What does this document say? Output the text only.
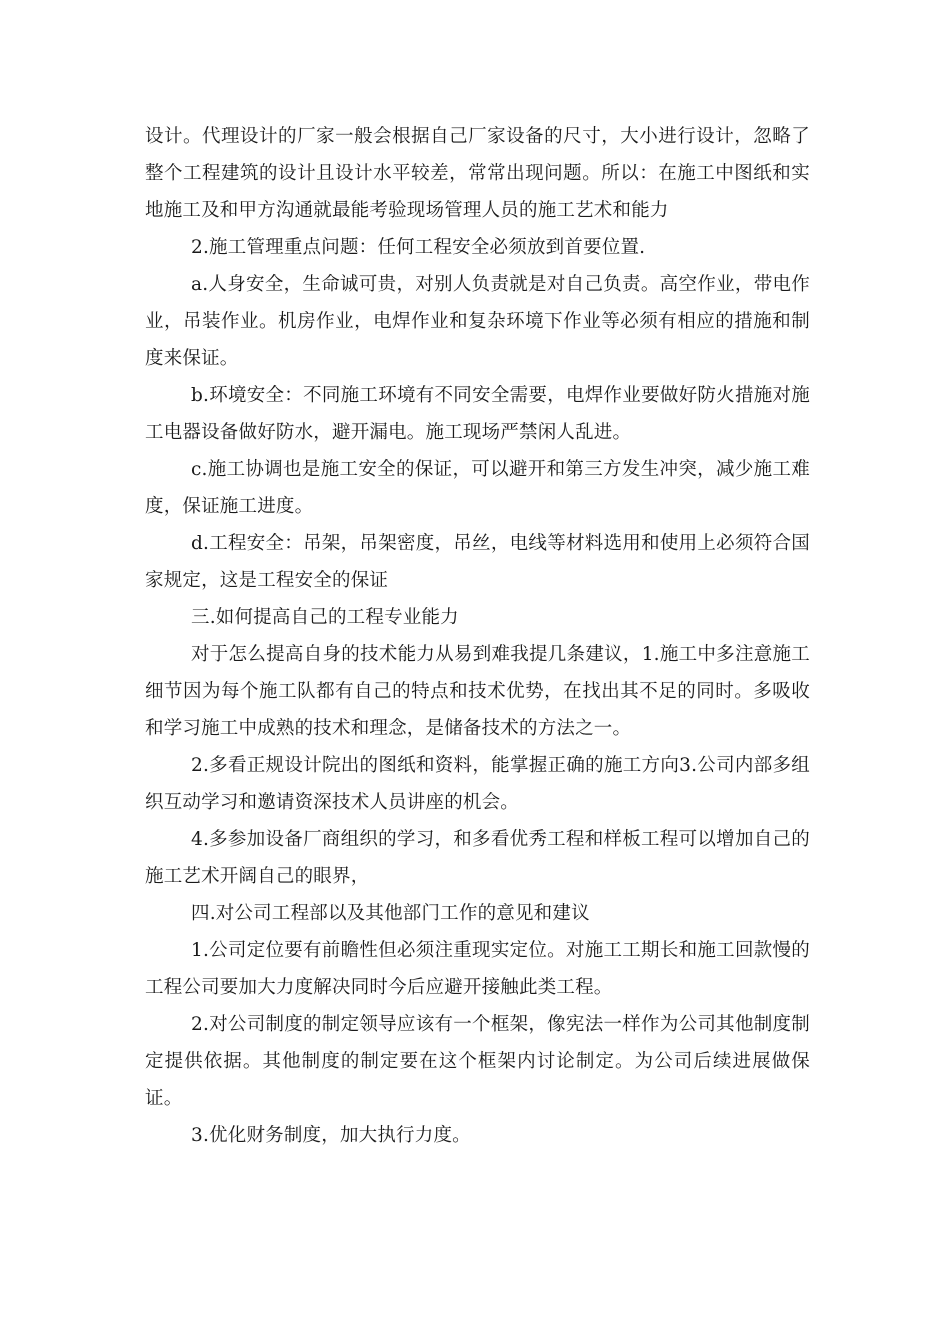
设计。代理设计的厂家一般会根据自己厂家设备的尺寸，大小进行设计，忽略了整个工程建筑的设计且设计水平较差，常常出现问题。所以：在施工中图纸和实地施工及和甲方沟通就最能考验现场管理人员的施工艺术和能力

2.施工管理重点问题：任何工程安全必须放到首要位置.

a.人身安全，生命诚可贵，对别人负责就是对自己负责。高空作业，带电作业，吊装作业。机房作业，电焊作业和复杂环境下作业等必须有相应的措施和制度来保证。

b.环境安全：不同施工环境有不同安全需要，电焊作业要做好防火措施对施工电器设备做好防水，避开漏电。施工现场严禁闲人乱进。

c.施工协调也是施工安全的保证，可以避开和第三方发生冲突，减少施工难度，保证施工进度。

d.工程安全：吊架，吊架密度，吊丝，电线等材料选用和使用上必须符合国家规定，这是工程安全的保证

三.如何提高自己的工程专业能力

对于怎么提高自身的技术能力从易到难我提几条建议，1.施工中多注意施工细节因为每个施工队都有自己的特点和技术优势，在找出其不足的同时。多吸收和学习施工中成熟的技术和理念，是储备技术的方法之一。

2.多看正规设计院出的图纸和资料，能掌握正确的施工方向3.公司内部多组织互动学习和邀请资深技术人员讲座的机会。

4.多参加设备厂商组织的学习，和多看优秀工程和样板工程可以增加自己的施工艺术开阔自己的眼界，

四.对公司工程部以及其他部门工作的意见和建议

1.公司定位要有前瞻性但必须注重现实定位。对施工工期长和施工回款慢的工程公司要加大力度解决同时今后应避开接触此类工程。

2.对公司制度的制定领导应该有一个框架，像宪法一样作为公司其他制度制定提供依据。其他制度的制定要在这个框架内讨论制定。为公司后续进展做保证。

3.优化财务制度，加大执行力度。
